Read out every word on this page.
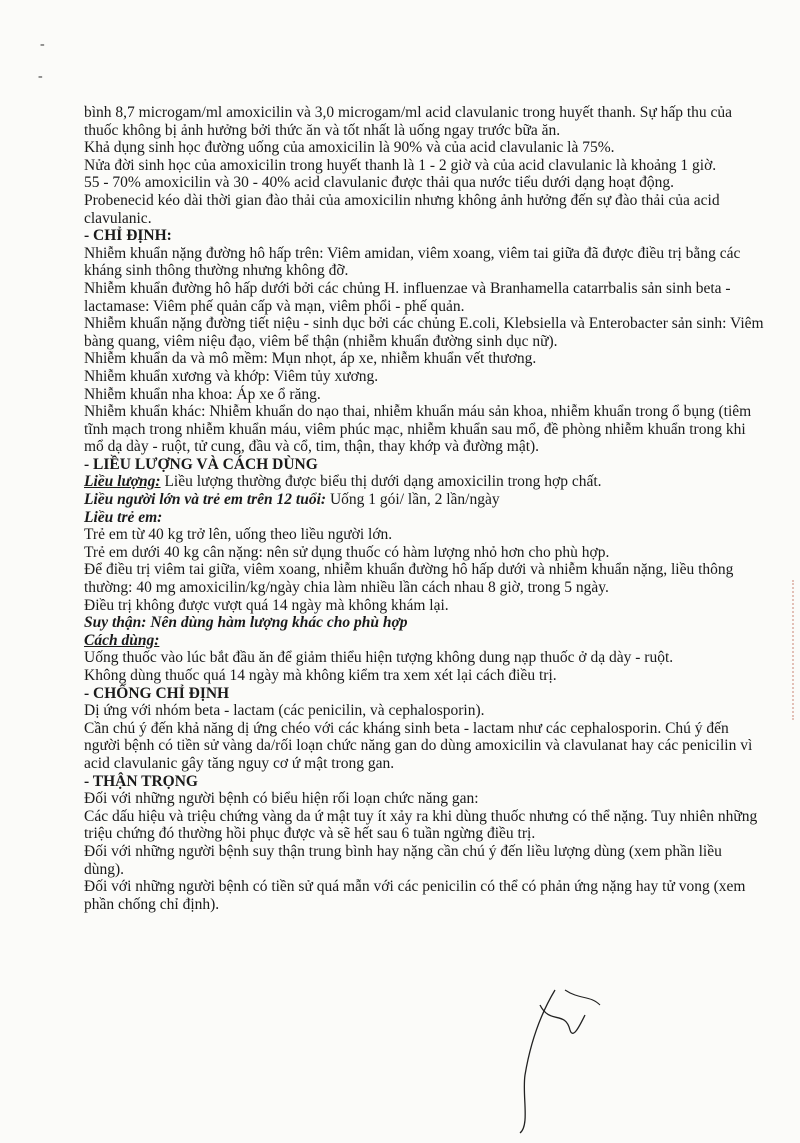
-
-

bình 8,7 microgam/ml amoxicilin và 3,0 microgam/ml acid clavulanic trong huyết thanh. Sự hấp thu của thuốc không bị ảnh hưởng bởi thức ăn và tốt nhất là uống ngay trước bữa ăn.

Khả dụng sinh học đường uống của amoxicilin là 90% và của acid clavulanic là 75%.

Nửa đời sinh học của amoxicilin trong huyết thanh là 1 - 2 giờ và của acid clavulanic là khoảng 1 giờ.

55 - 70% amoxicilin và 30 - 40% acid clavulanic được thải qua nước tiểu dưới dạng hoạt động.

Probenecid kéo dài thời gian đào thải của amoxicilin nhưng không ảnh hưởng đến sự đào thải của acid clavulanic.

- CHỈ ĐỊNH:

Nhiễm khuẩn nặng đường hô hấp trên: Viêm amidan, viêm xoang, viêm tai giữa đã được điều trị bằng các kháng sinh thông thường nhưng không đỡ.

Nhiễm khuẩn đường hô hấp dưới bởi các chủng H. influenzae và Branhamella catarrbalis sản sinh beta - lactamase: Viêm phế quản cấp và mạn, viêm phổi - phế quản.

Nhiễm khuẩn nặng đường tiết niệu - sinh dục bởi các chủng E.coli, Klebsiella và Enterobacter sản sinh: Viêm bàng quang, viêm niệu đạo, viêm bể thận (nhiễm khuẩn đường sinh dục nữ).

Nhiễm khuẩn da và mô mềm: Mụn nhọt, áp xe, nhiễm khuẩn vết thương.

Nhiễm khuẩn xương và khớp: Viêm tủy xương.

Nhiễm khuẩn nha khoa: Áp xe ổ răng.

Nhiễm khuẩn khác: Nhiễm khuẩn do nạo thai, nhiễm khuẩn máu sản khoa, nhiễm khuẩn trong ổ bụng (tiêm tĩnh mạch trong nhiễm khuẩn máu, viêm phúc mạc, nhiễm khuẩn sau mổ, đề phòng nhiễm khuẩn trong khi mổ dạ dày - ruột, tử cung, đầu và cổ, tim, thận, thay khớp và đường mật).

- LIỀU LƯỢNG VÀ CÁCH DÙNG

Liều lượng: Liều lượng thường được biểu thị dưới dạng amoxicilin trong hợp chất.

Liều người lớn và trẻ em trên 12 tuổi: Uống 1 gói/ lần, 2 lần/ngày

Liều trẻ em:

Trẻ em từ 40 kg trở lên, uống theo liều người lớn.

Trẻ em dưới 40 kg cân nặng: nên sử dụng thuốc có hàm lượng nhỏ hơn cho phù hợp.

Để điều trị viêm tai giữa, viêm xoang, nhiễm khuẩn đường hô hấp dưới và nhiễm khuẩn nặng, liều thông thường: 40 mg amoxicilin/kg/ngày chia làm nhiều lần cách nhau 8 giờ, trong 5 ngày.

Điều trị không được vượt quá 14 ngày mà không khám lại.

Suy thận: Nên dùng hàm lượng khác cho phù hợp

Cách dùng:

Uống thuốc vào lúc bắt đầu ăn để giảm thiểu hiện tượng không dung nạp thuốc ở dạ dày - ruột.

Không dùng thuốc quá 14 ngày mà không kiểm tra xem xét lại cách điều trị.

- CHỐNG CHỈ ĐỊNH

Dị ứng với nhóm beta - lactam (các penicilin, và cephalosporin).

Cần chú ý đến khả năng dị ứng chéo với các kháng sinh beta - lactam như các cephalosporin. Chú ý đến người bệnh có tiền sử vàng da/rối loạn chức năng gan do dùng amoxicilin và clavulanat hay các penicilin vì acid clavulanic gây tăng nguy cơ ứ mật trong gan.

- THẬN TRỌNG

Đối với những người bệnh có biểu hiện rối loạn chức năng gan:

Các dấu hiệu và triệu chứng vàng da ứ mật tuy ít xảy ra khi dùng thuốc nhưng có thể nặng. Tuy nhiên những triệu chứng đó thường hồi phục được và sẽ hết sau 6 tuần ngừng điều trị.

Đối với những người bệnh suy thận trung bình hay nặng cần chú ý đến liều lượng dùng (xem phần liều dùng).

Đối với những người bệnh có tiền sử quá mẫn với các penicilin có thể có phản ứng nặng hay tử vong (xem phần chống chỉ định).
